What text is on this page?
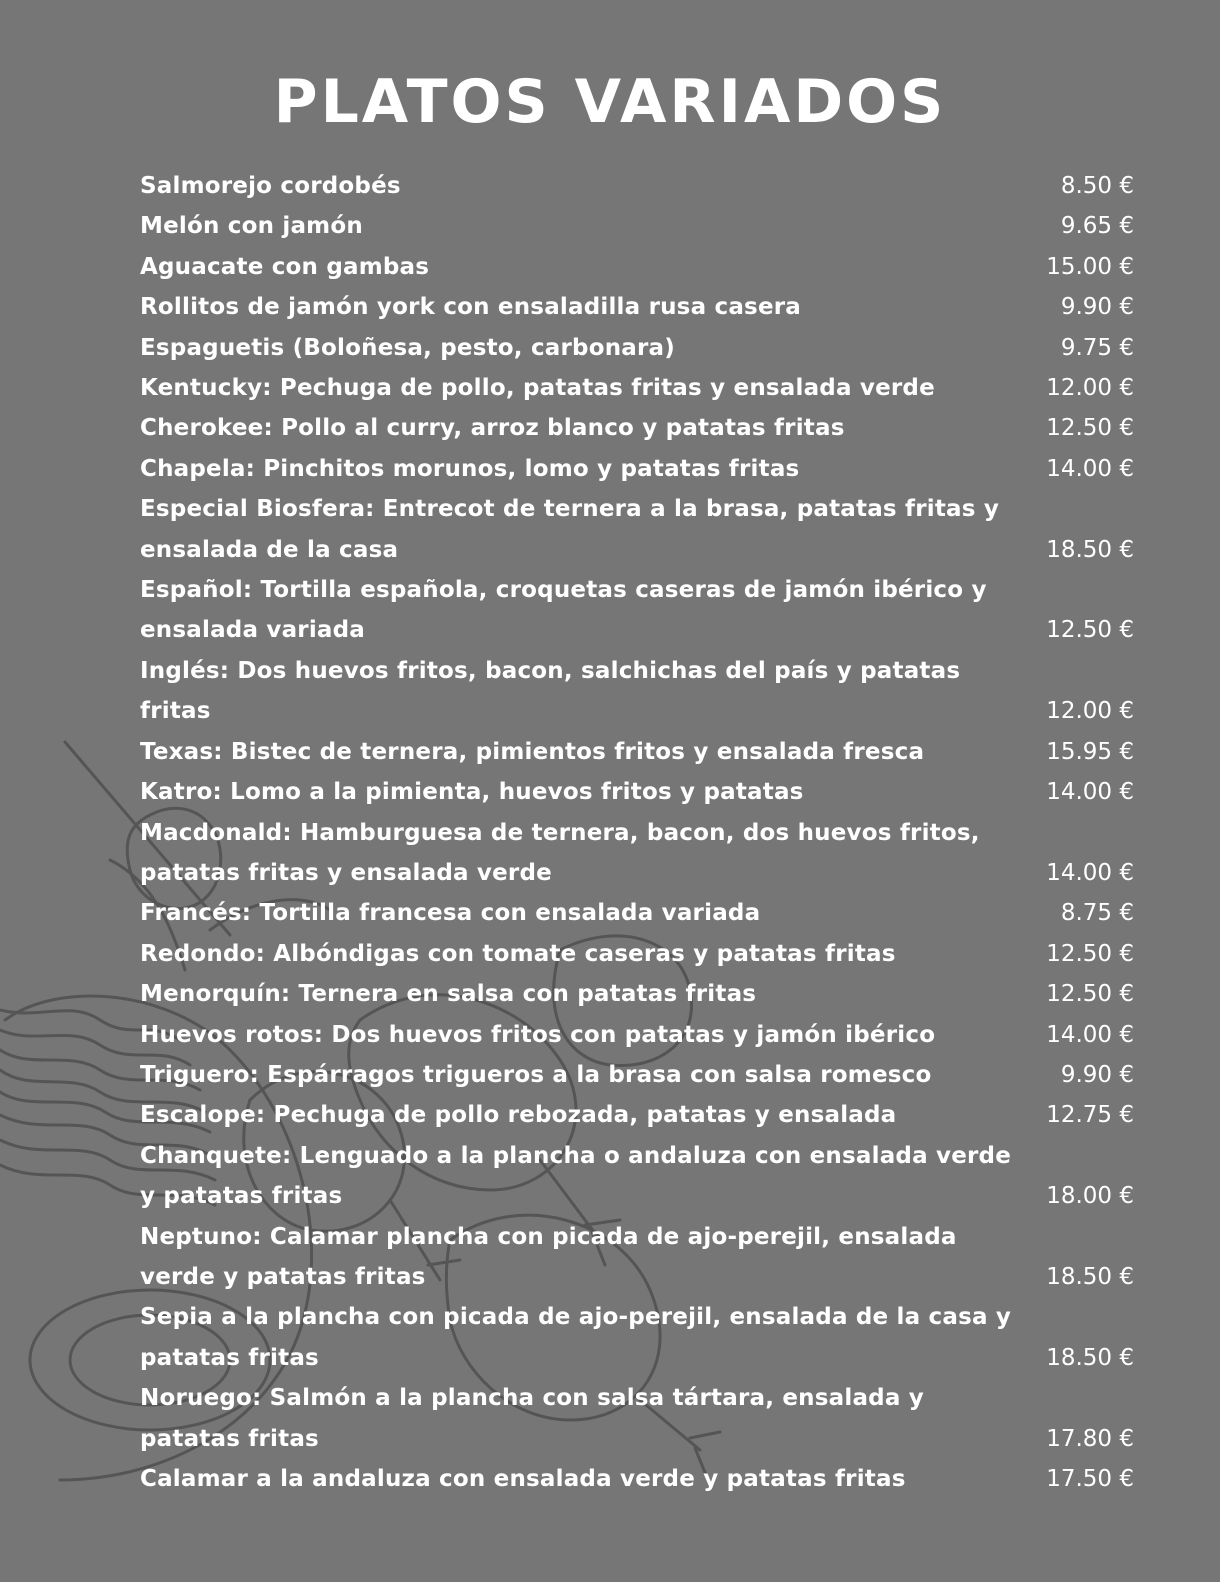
PLATOS VARIADOS
Salmorejo cordobés	8.50 €
Melón con jamón	9.65 €
Aguacate con gambas	15.00 €
Rollitos de jamón york con ensaladilla rusa casera	9.90 €
Espaguetis (Boloñesa, pesto, carbonara)	9.75 €
Kentucky: Pechuga de pollo, patatas fritas y ensalada verde	12.00 €
Cherokee: Pollo al curry, arroz blanco y patatas fritas	12.50 €
Chapela: Pinchitos morunos, lomo y patatas fritas	14.00 €
Especial Biosfera: Entrecot de ternera a la brasa, patatas fritas y ensalada de la casa	18.50 €
Español: Tortilla española, croquetas caseras de jamón ibérico y ensalada variada	12.50 €
Inglés: Dos huevos fritos, bacon, salchichas del país y patatas fritas	12.00 €
Texas: Bistec de ternera, pimientos fritos y ensalada fresca	15.95 €
Katro: Lomo a la pimienta, huevos fritos y patatas	14.00 €
Macdonald: Hamburguesa de ternera, bacon, dos huevos fritos, patatas fritas y ensalada verde	14.00 €
Francés: Tortilla francesa con ensalada variada	8.75 €
Redondo: Albóndigas con tomate caseras y patatas fritas	12.50 €
Menorquín: Ternera en salsa con patatas fritas	12.50 €
Huevos rotos: Dos huevos fritos con patatas y jamón ibérico	14.00 €
Triguero: Espárragos trigueros a la brasa con salsa romesco	9.90 €
Escalope: Pechuga de pollo rebozada, patatas y ensalada	12.75 €
Chanquete: Lenguado a la plancha o andaluza con ensalada verde y patatas fritas	18.00 €
Neptuno: Calamar plancha con picada de ajo-perejil, ensalada verde y patatas fritas	18.50 €
Sepia a la plancha con picada de ajo-perejil, ensalada de la casa y patatas fritas	18.50 €
Noruego: Salmón a la plancha con salsa tártara, ensalada y patatas fritas	17.80 €
Calamar a la andaluza con ensalada verde y patatas fritas	17.50 €
